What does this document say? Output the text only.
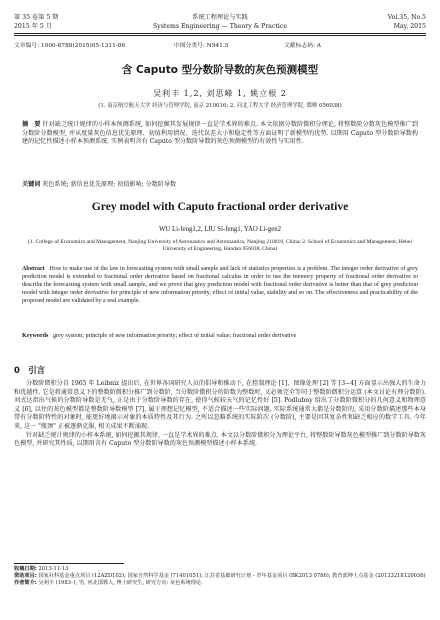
第 35 卷第 5 期	系统工程理论与实践	Vol.35, No.5
2015 年 5 月	Systems Engineering — Theory & Practice	May, 2015
文章编号: 1000-6788(2015)05-1311-06	中图分类号: N941.5	文献标志码: A
含 Caputo 型分数阶导数的灰色预测模型
吴利丰 1,2, 刘思峰 1, 姚立根 2
(1. 南京航空航天大学 经济与管理学院, 南京 210016; 2. 河北工程大学 经济管理学院, 邯郸 056038)
摘　要 针对缺乏统计规律的小样本预测系统, 如何挖掘其发展规律一直是学术界的难点. 本文依据分数阶微积分理论, 将整数阶分数灰色模型推广到分数阶分数模型, 并从度量灰色信息优先原理、初值利用情况、迭代误差大小和稳定性等方面证明了新模型的优势. 以期用 Caputo 型分数阶导数构建的记忆性描述小样本预测系统. 实例表明含有 Caputo 型分数阶导数的灰色预测模型的有效性与实用性.
关键词 灰色系统; 新信息优先原理; 初值影响; 分数阶导数
Grey model with Caputo fractional order derivative
WU Li-feng1,2, LIU Si-feng1, YAO Li-gen2
(1. College of Economics and Management, Nanjing University of Aeronautics and Astronautics, Nanjing 210016, China; 2. School of Economics and Management, Hebei University of Engineering, Handan 056038, China)
Abstract How to make use of the law in forecasting system with small sample and lack of statistics properties is a problem. The integer order derivative of grey prediction model is extended to fractional order derivative based on fractional calculus in order to use the memory property of fractional order derivative to describe the forecasting system with small sample, and we prove that grey prediction model with fractional order derivative is better than that of grey prediction model with integer order derivative for principle of new information priority, effect of initial value, stability and so on. The effectiveness and practicability of the proposed model are validated by a real example.
Keywords grey system; principle of new information priority; effect of initial value; fractional order derivative
0　引言

分数阶微积分自 1965 年 Leibniz 提出后, 在世界各国研究人员的倡导和推动下, 在控制理论 [1]、图像处理 [2] 等 [3−4] 方面显示出强大的生命力和优越性. 它是将通常意义下的整数阶微积分推广到分数阶, 当分数阶微积分的阶数为整数时, 又必须完全等同于整数阶微积分运算 (本文讨论有理分数阶). 刘式达指出气候的分数阶导数是无气, 正是由于分数阶导数的存在, 使得气候较天气的记忆性好 [5]. Podlubny 给出了分数阶微积分的几何意义和物理意义 [6], 以往的灰色模型都是整数阶导数模型 [7], 属于理想记忆模型, 不适合描述一些实际问题. 实际系统通常大都是分数阶的, 采用分数阶描述那些本身带有分数阶特性的对象时, 能更好地揭示对象的本质特性及其行为. 之所以忽略系统的实际阶次 (分数阶), 主要是因其复杂性和缺乏相应的数学工具. 今年来, 这一 "瓶颈" 正被逐渐克服, 相关成果不断涌现.

针对缺乏统计规律的小样本系统, 如何挖掘其规律, 一直是学术界的难点. 本文以分数阶微积分为理论平台, 将整数阶导数灰色模型推广到分数阶导数灰色模型, 并研究其性质, 以期用含有 Caputo 型分数阶导数的灰色预测模型描述小样本系统.

收稿日期: 2013-11-13
资助项目: 国家社科基金重点项目 (12AZD102); 国家自然科学基金 (71401051); 江苏省基础研究计划 - 青年基金项目 (BK2013 0786); 教育部博士点基金 (20133218120036)
作者简介: 吴利丰 (1983–), 男, 河北邯郸人, 博士研究生, 研究方向: 灰色系统理论.
